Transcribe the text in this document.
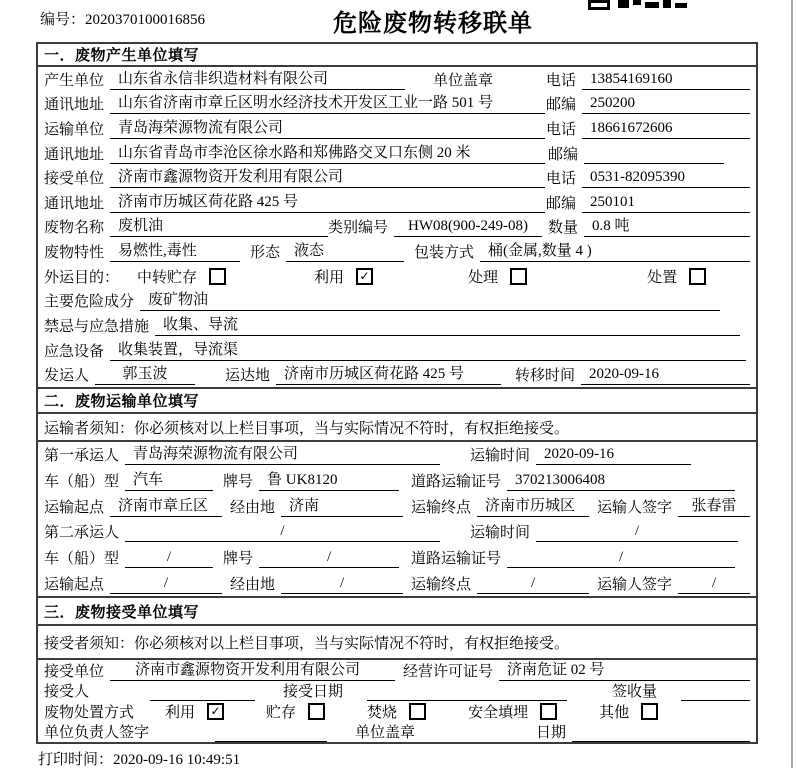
编号：2020370100016856	危险废物转移联单
一．废物产生单位填写
产生单位 山东省永信非织造材料有限公司	单位盖章	电话 13854169160
通讯地址 山东省济南市章丘区明水经济技术开发区工业一路 501 号	邮编 250200
运输单位 青岛海荣源物流有限公司	电话 18661672606
通讯地址 山东省青岛市李沧区徐水路和郑佛路交叉口东侧 20 米	邮编
接受单位 济南市鑫源物资开发利用有限公司	电话 0531-82095390
通讯地址 济南市历城区荷花路 425 号	邮编 250101
废物名称 废机油	类别编号	HW08(900-249-08)	数量 0.8 吨
废物特性 易燃性,毒性	形态 液态	包装方式 桶(金属,数量 4 )
外运目的： 中转贮存	利用 ✓	处理	处置
主要危险成分 废矿物油
禁忌与应急措施 收集、导流
应急设备 收集装置，导流渠
发运人	郭玉波	运达地 济南市历城区荷花路 425 号	转移时间 2020-09-16
二．废物运输单位填写
运输者须知：你必须核对以上栏目事项，当与实际情况不符时，有权拒绝接受。
第一承运人 青岛海荣源物流有限公司	运输时间 2020-09-16
车（船）型 汽车	牌号 鲁 UK8120	道路运输证号 370213006408
运输起点 济南市章丘区	经由地 济南	运输终点 济南市历城区	运输人签字	张春雷
第二承运人	/	运输时间	/
车（船）型	/	牌号	/	道路运输证号	/
运输起点	/	经由地	/	运输终点	/	运输人签字	/
三．废物接受单位填写
接受者须知：你必须核对以上栏目事项，当与实际情况不符时，有权拒绝接受。
接受单位	济南市鑫源物资开发利用有限公司	经营许可证号 济南危证 02 号
接受人	接受日期	签收量
废物处置方式 利用 ✓	贮存	焚烧	安全填埋	其他
单位负责人签字	单位盖章	日期
打印时间：2020-09-16 10:49:51
